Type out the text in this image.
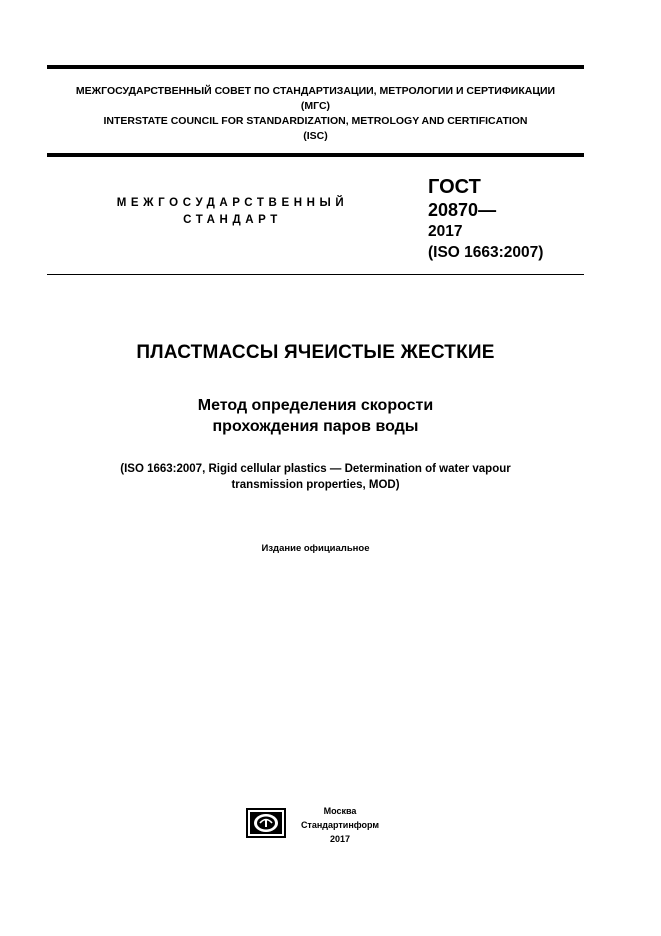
МЕЖГОСУДАРСТВЕННЫЙ СОВЕТ ПО СТАНДАРТИЗАЦИИ, МЕТРОЛОГИИ И СЕРТИФИКАЦИИ
(МГС)
INTERSTATE COUNCIL FOR STANDARDIZATION, METROLOGY AND CERTIFICATION
(ISC)
МЕЖГОСУДАРСТВЕННЫЙ
СТАНДАРТ
ГОСТ
20870—
2017
(ISO 1663:2007)
ПЛАСТМАССЫ ЯЧЕИСТЫЕ ЖЕСТКИЕ
Метод определения скорости
прохождения паров воды
(ISO 1663:2007, Rigid cellular plastics — Determination of water vapour
transmission properties, MOD)
Издание официальное
Москва
Стандартинформ
2017
